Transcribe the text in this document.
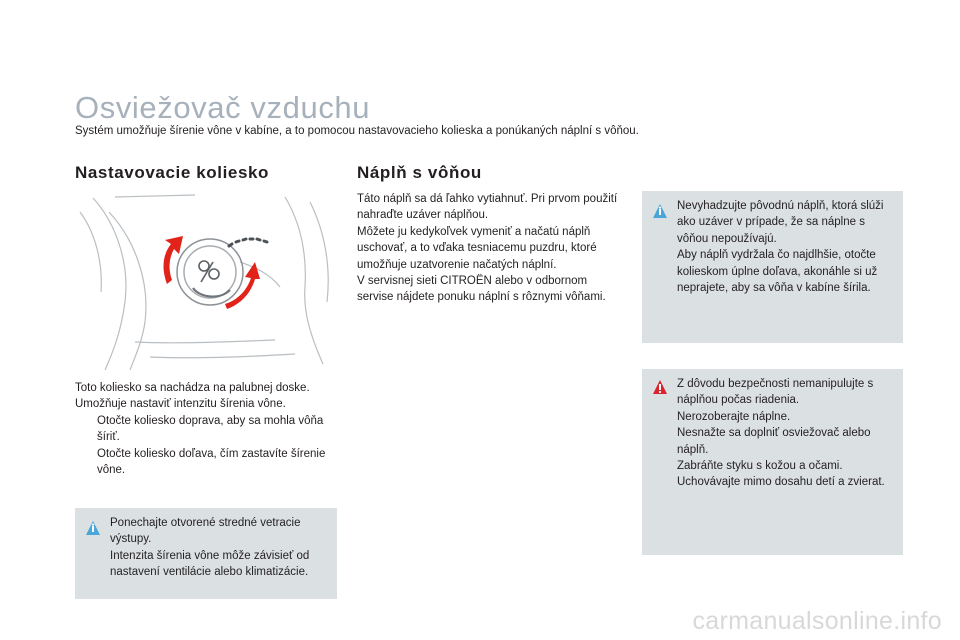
Osviežovač vzduchu
Systém umožňuje šírenie vône v kabíne, a to pomocou nastavovacieho kolieska a ponúkaných náplní s vôňou.
Nastavovacie koliesko

Toto koliesko sa nachádza na palubnej doske.

Umožňuje nastaviť intenzitu šírenia vône.

Otočte koliesko doprava, aby sa mohla vôňa šíriť.
Otočte koliesko doľava, čím zastavíte šírenie vône.

Ponechajte otvorené stredné vetracie výstupy.

Intenzita šírenia vône môže závisieť od nastavení ventilácie alebo klimatizácie.

Náplň s vôňou

Táto náplň sa dá ľahko vytiahnuť. Pri prvom použití nahraďte uzáver náplňou.

Môžete ju kedykoľvek vymeniť a načatú náplň uschovať, a to vďaka tesniacemu puzdru, ktoré umožňuje uzatvorenie načatých náplní.

V servisnej sieti CITROËN alebo v odbornom servise nájdete ponuku náplní s rôznymi vôňami.

Nevyhadzujte pôvodnú náplň, ktorá slúži ako uzáver v prípade, že sa náplne s vôňou nepoužívajú.

Aby náplň vydržala čo najdlhšie, otočte kolieskom úplne doľava, akonáhle si už neprajete, aby sa vôňa v kabíne šírila.

Z dôvodu bezpečnosti nemanipulujte s náplňou počas riadenia.

Nerozoberajte náplne.

Nesnažte sa doplniť osviežovač alebo náplň.

Zabráňte styku s kožou a očami.

Uchovávajte mimo dosahu detí a zvierat.

carmanualsonline.info
